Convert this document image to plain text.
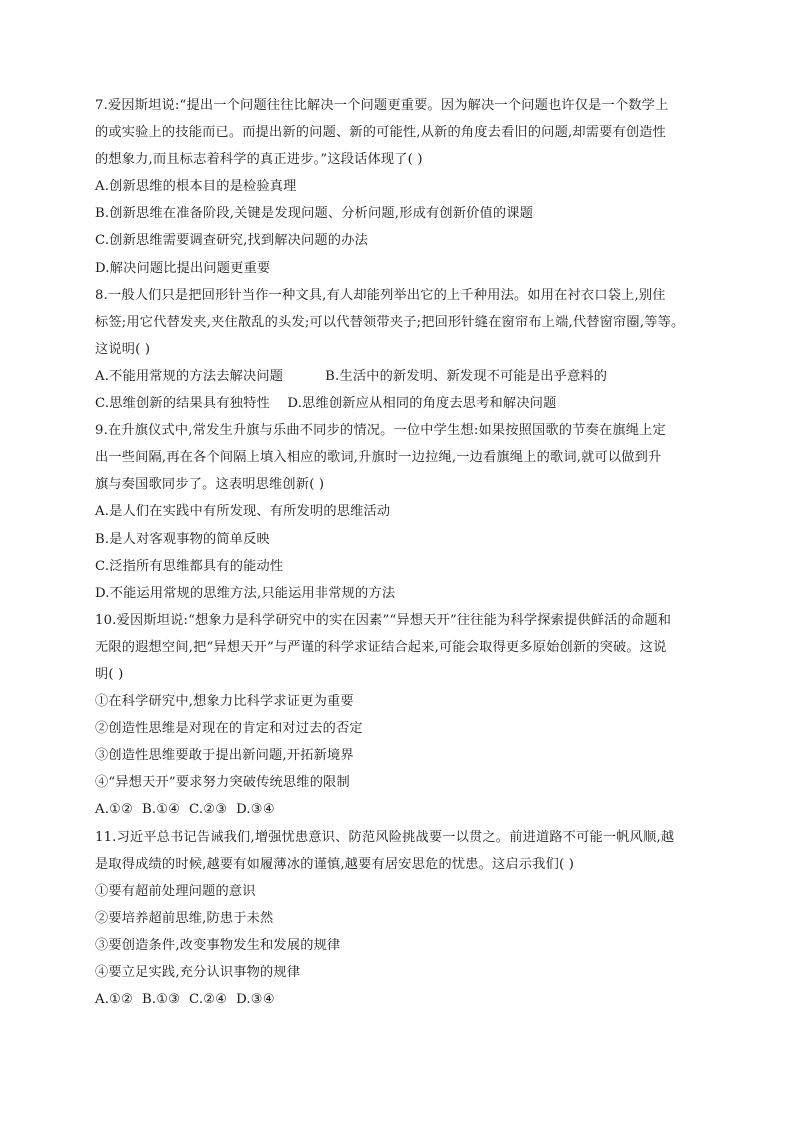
7.爱因斯坦说:“提出一个问题往往比解决一个问题更重要。因为解决一个问题也许仅是一个数学上
的或实验上的技能而已。而提出新的问题、新的可能性,从新的角度去看旧的问题,却需要有创造性
的想象力,而且标志着科学的真正进步。”这段话体现了( )
A.创新思维的根本目的是检验真理
B.创新思维在准备阶段,关键是发现问题、分析问题,形成有创新价值的课题
C.创新思维需要调查研究,找到解决问题的办法
D.解决问题比提出问题更重要
8.一般人们只是把回形针当作一种文具,有人却能列举出它的上千种用法。如用在衬衣口袋上,别住
标签;用它代替发夹,夹住散乱的头发;可以代替领带夹子;把回形针缝在窗帘布上端,代替窗帘圈,等等。
这说明( )
A.不能用常规的方法去解决问题	B.生活中的新发明、新发现不可能是出乎意料的
C.思维创新的结果具有独特性    D.思维创新应从相同的角度去思考和解决问题
9.在升旗仪式中,常发生升旗与乐曲不同步的情况。一位中学生想:如果按照国歌的节奏在旗绳上定
出一些间隔,再在各个间隔上填入相应的歌词,升旗时一边拉绳,一边看旗绳上的歌词,就可以做到升
旗与奏国歌同步了。这表明思维创新( )
A.是人们在实践中有所发现、有所发明的思维活动
B.是人对客观事物的简单反映
C.泛指所有思维都具有的能动性
D.不能运用常规的思维方法,只能运用非常规的方法
10.爱因斯坦说:“想象力是科学研究中的实在因素”“异想天开”往往能为科学探索提供鲜活的命题和
无限的遐想空间,把“异想天开”与严谨的科学求证结合起来,可能会取得更多原始创新的突破。这说
明( )
①在科学研究中,想象力比科学求证更为重要
②创造性思维是对现在的肯定和对过去的否定
③创造性思维要敢于提出新问题,开拓新境界
④“异想天开”要求努力突破传统思维的限制
A.①②  B.①④  C.②③  D.③④
11.习近平总书记告诫我们,增强忧患意识、防范风险挑战要一以贯之。前进道路不可能一帆风顺,越
是取得成绩的时候,越要有如履薄冰的谨慎,越要有居安思危的忧患。这启示我们( )
①要有超前处理问题的意识
②要培养超前思维,防患于未然
③要创造条件,改变事物发生和发展的规律
④要立足实践,充分认识事物的规律
A.①②  B.①③  C.②④  D.③④
